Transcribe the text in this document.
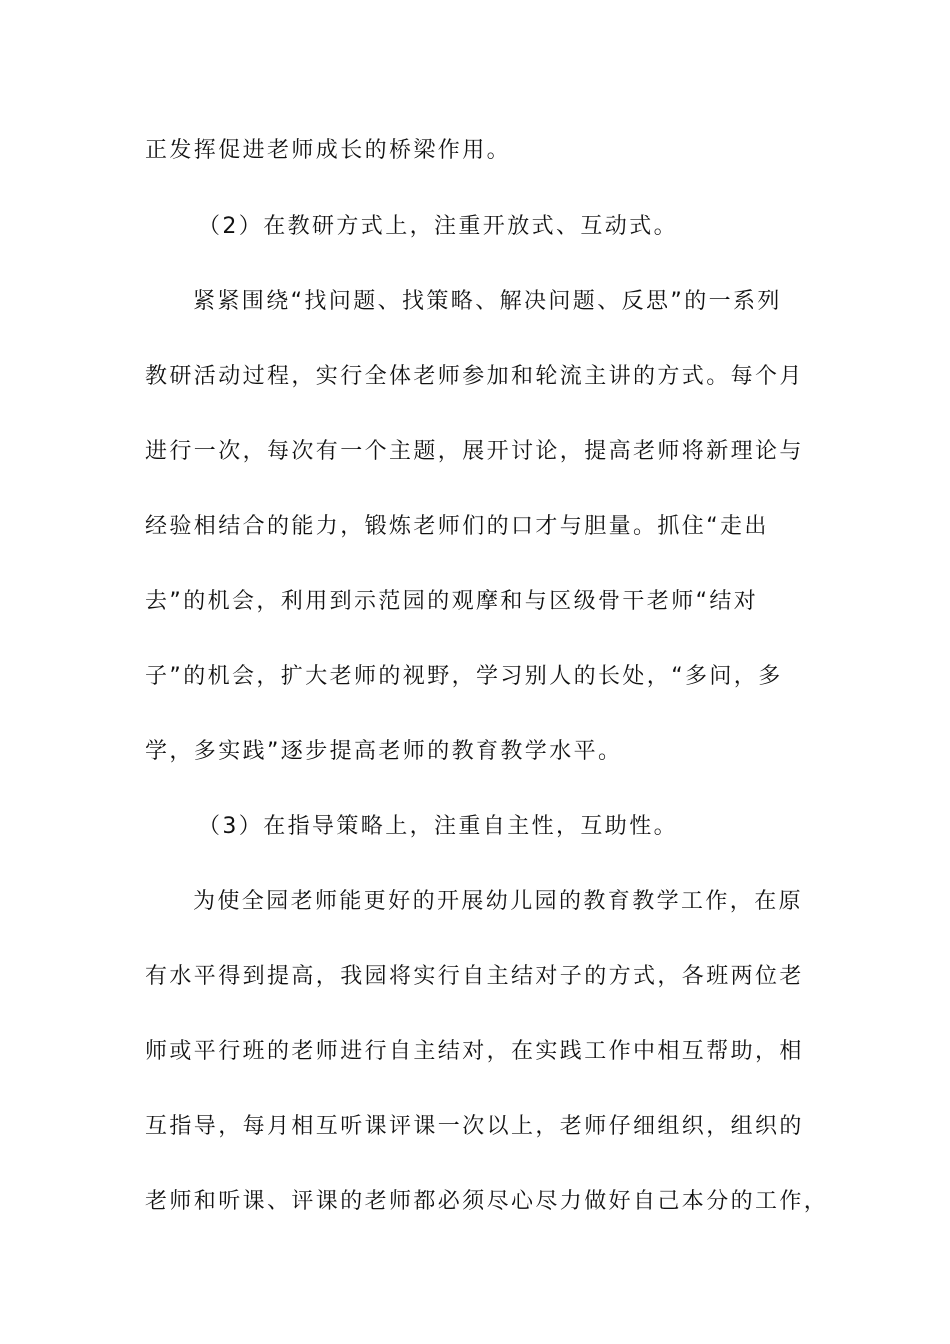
正发挥促进老师成长的桥梁作用。
（2）在教研方式上，注重开放式、互动式。
紧紧围绕“找问题、找策略、解决问题、反思”的一系列
教研活动过程，实行全体老师参加和轮流主讲的方式。每个月
进行一次，每次有一个主题，展开讨论，提高老师将新理论与
经验相结合的能力，锻炼老师们的口才与胆量。抓住“走出
去”的机会，利用到示范园的观摩和与区级骨干老师“结对
子”的机会，扩大老师的视野，学习别人的长处，“多问，多
学，多实践”逐步提高老师的教育教学水平。
（3）在指导策略上，注重自主性，互助性。
为使全园老师能更好的开展幼儿园的教育教学工作，在原
有水平得到提高，我园将实行自主结对子的方式，各班两位老
师或平行班的老师进行自主结对，在实践工作中相互帮助，相
互指导，每月相互听课评课一次以上，老师仔细组织，组织的
老师和听课、评课的老师都必须尽心尽力做好自己本分的工作，
